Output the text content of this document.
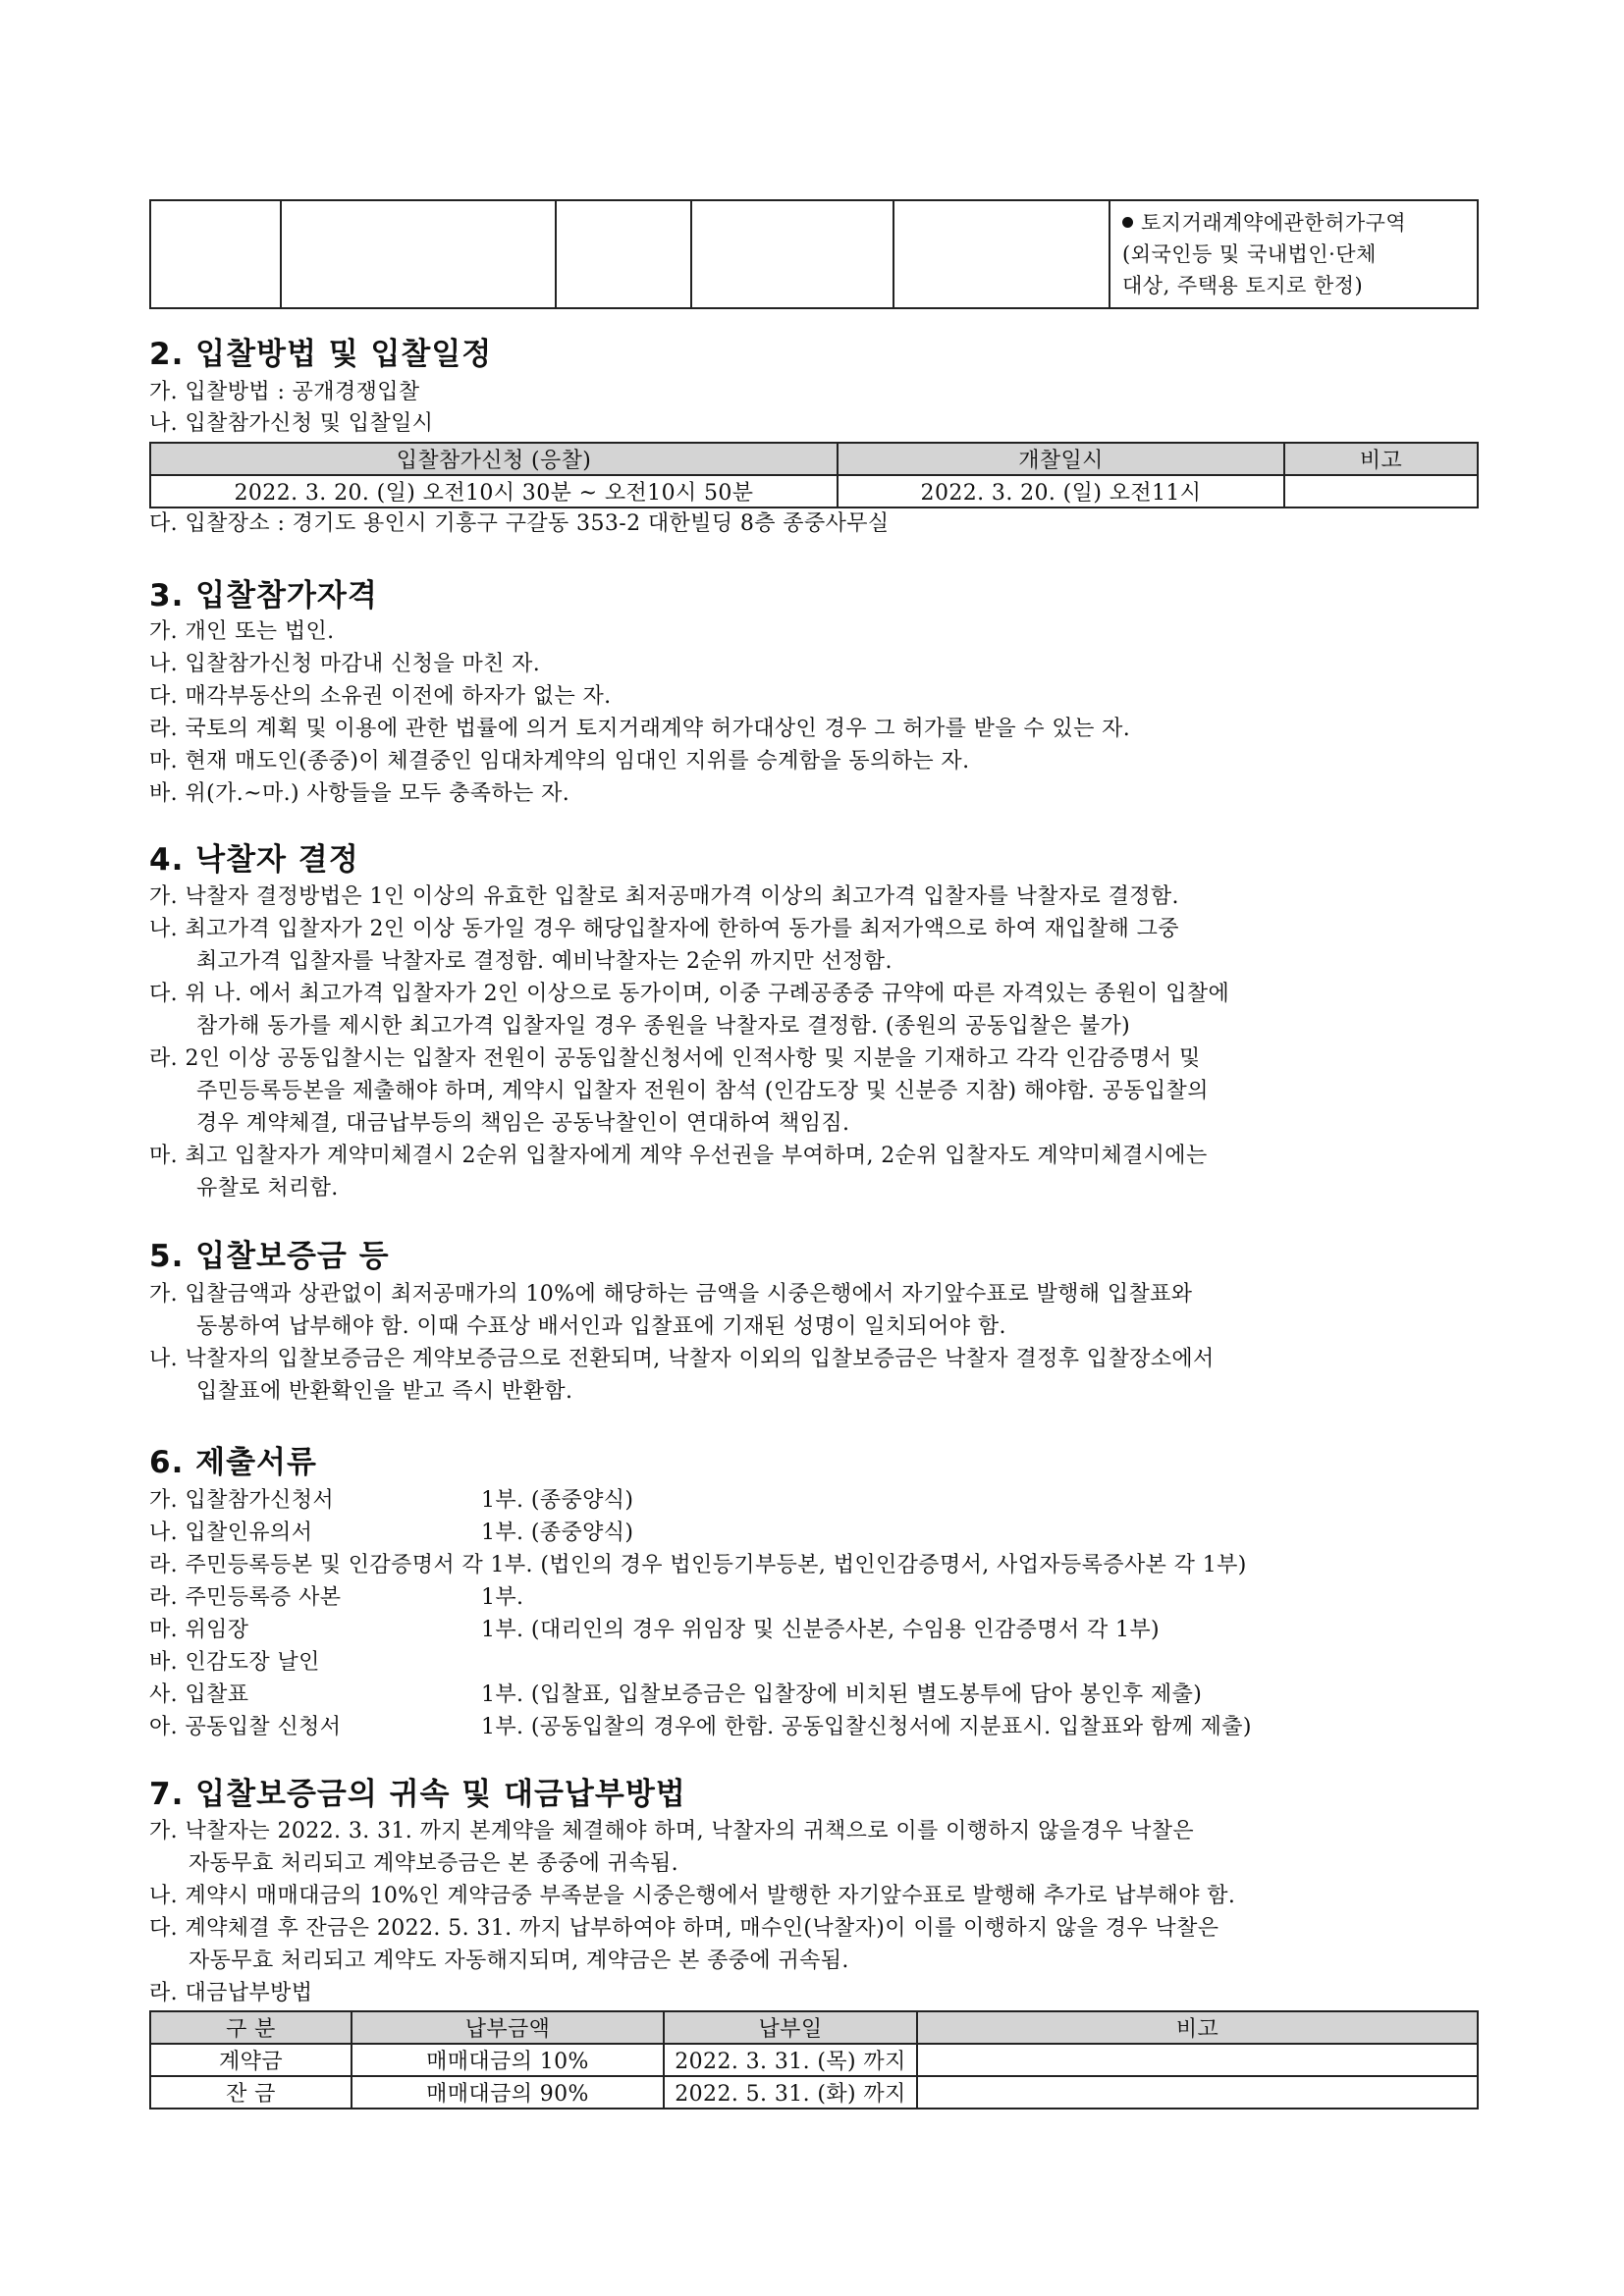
					토지거래계약에관한허가구역
(외국인등 및 국내법인·단체
대상, 주택용 토지로 한정)
2. 입찰방법 및 입찰일정
가. 입찰방법 : 공개경쟁입찰
나. 입찰참가신청 및 입찰일시
입찰참가신청 (응찰)	개찰일시	비고
2022. 3. 20. (일) 오전10시 30분 ~ 오전10시 50분	2022. 3. 20. (일) 오전11시	
다. 입찰장소 : 경기도 용인시 기흥구 구갈동 353-2 대한빌딩 8층 종중사무실
3. 입찰참가자격
가. 개인 또는 법인.
나. 입찰참가신청 마감내 신청을 마친 자.
다. 매각부동산의 소유권 이전에 하자가 없는 자.
라. 국토의 계획 및 이용에 관한 법률에 의거 토지거래계약 허가대상인 경우 그 허가를 받을 수 있는 자.
마. 현재 매도인(종중)이 체결중인 임대차계약의 임대인 지위를 승계함을 동의하는 자.
바. 위(가.~마.) 사항들을 모두 충족하는 자.
4. 낙찰자 결정
가. 낙찰자 결정방법은 1인 이상의 유효한 입찰로 최저공매가격 이상의 최고가격 입찰자를 낙찰자로 결정함.
나. 최고가격 입찰자가 2인 이상 동가일 경우 해당입찰자에 한하여 동가를 최저가액으로 하여 재입찰해 그중
최고가격 입찰자를 낙찰자로 결정함. 예비낙찰자는 2순위 까지만 선정함.
다. 위 나. 에서 최고가격 입찰자가 2인 이상으로 동가이며, 이중 구례공종중 규약에 따른 자격있는 종원이 입찰에
참가해 동가를 제시한 최고가격 입찰자일 경우 종원을 낙찰자로 결정함. (종원의 공동입찰은 불가)
라. 2인 이상 공동입찰시는 입찰자 전원이 공동입찰신청서에 인적사항 및 지분을 기재하고 각각 인감증명서 및
주민등록등본을 제출해야 하며, 계약시 입찰자 전원이 참석 (인감도장 및 신분증 지참) 해야함. 공동입찰의
경우 계약체결, 대금납부등의 책임은 공동낙찰인이 연대하여 책임짐.
마. 최고 입찰자가 계약미체결시 2순위 입찰자에게 계약 우선권을 부여하며, 2순위 입찰자도 계약미체결시에는
유찰로 처리함.
5. 입찰보증금 등
가. 입찰금액과 상관없이 최저공매가의 10%에 해당하는 금액을 시중은행에서 자기앞수표로 발행해 입찰표와
동봉하여 납부해야 함. 이때 수표상 배서인과 입찰표에 기재된 성명이 일치되어야 함.
나. 낙찰자의 입찰보증금은 계약보증금으로 전환되며, 낙찰자 이외의 입찰보증금은 낙찰자 결정후 입찰장소에서
입찰표에 반환확인을 받고 즉시 반환함.
6. 제출서류
가. 입찰참가신청서	1부. (종중양식)
나. 입찰인유의서	1부. (종중양식)
라. 주민등록등본 및 인감증명서 각 1부. (법인의 경우 법인등기부등본, 법인인감증명서, 사업자등록증사본 각 1부)
라. 주민등록증 사본	1부.
마. 위임장	1부. (대리인의 경우 위임장 및 신분증사본, 수임용 인감증명서 각 1부)
바. 인감도장 날인
사. 입찰표	1부. (입찰표, 입찰보증금은 입찰장에 비치된 별도봉투에 담아 봉인후 제출)
아. 공동입찰 신청서	1부. (공동입찰의 경우에 한함. 공동입찰신청서에 지분표시. 입찰표와 함께 제출)
7. 입찰보증금의 귀속 및 대금납부방법
가. 낙찰자는 2022. 3. 31. 까지 본계약을 체결해야 하며, 낙찰자의 귀책으로 이를 이행하지 않을경우 낙찰은
자동무효 처리되고 계약보증금은 본 종중에 귀속됨.
나. 계약시 매매대금의 10%인 계약금중 부족분을 시중은행에서 발행한 자기앞수표로 발행해 추가로 납부해야 함.
다. 계약체결 후 잔금은 2022. 5. 31. 까지 납부하여야 하며, 매수인(낙찰자)이 이를 이행하지 않을 경우 낙찰은
자동무효 처리되고 계약도 자동해지되며, 계약금은 본 종중에 귀속됨.
라. 대금납부방법
구 분	납부금액	납부일	비고
계약금	매매대금의 10%	2022. 3. 31. (목) 까지	
잔 금	매매대금의 90%	2022. 5. 31. (화) 까지	
